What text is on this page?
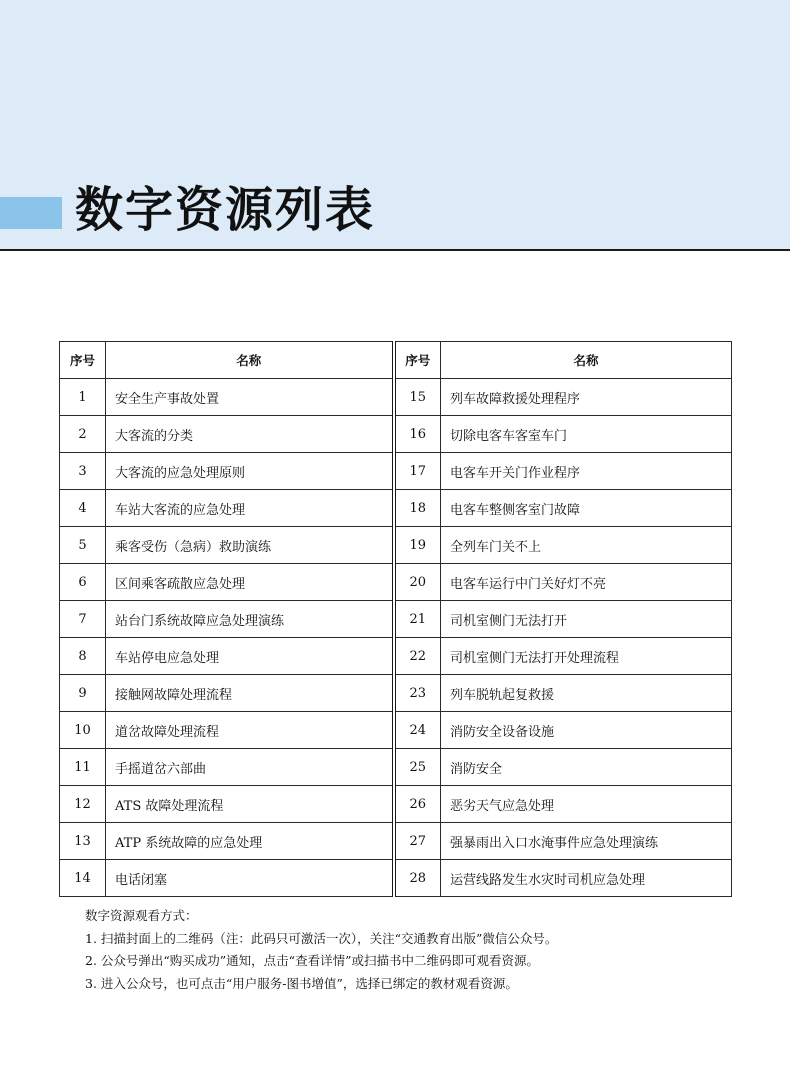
数字资源列表
序号	名称	序号	名称
1	安全生产事故处置	15	列车故障救援处理程序
2	大客流的分类	16	切除电客车客室车门
3	大客流的应急处理原则	17	电客车开关门作业程序
4	车站大客流的应急处理	18	电客车整侧客室门故障
5	乘客受伤（急病）救助演练	19	全列车门关不上
6	区间乘客疏散应急处理	20	电客车运行中门关好灯不亮
7	站台门系统故障应急处理演练	21	司机室侧门无法打开
8	车站停电应急处理	22	司机室侧门无法打开处理流程
9	接触网故障处理流程	23	列车脱轨起复救援
10	道岔故障处理流程	24	消防安全设备设施
11	手摇道岔六部曲	25	消防安全
12	ATS 故障处理流程	26	恶劣天气应急处理
13	ATP 系统故障的应急处理	27	强暴雨出入口水淹事件应急处理演练
14	电话闭塞	28	运营线路发生水灾时司机应急处理

数字资源观看方式：

1. 扫描封面上的二维码（注：此码只可激活一次），关注“交通教育出版”微信公众号。

2. 公众号弹出“购买成功”通知，点击“查看详情”或扫描书中二维码即可观看资源。

3. 进入公众号，也可点击“用户服务-图书增值”，选择已绑定的教材观看资源。
